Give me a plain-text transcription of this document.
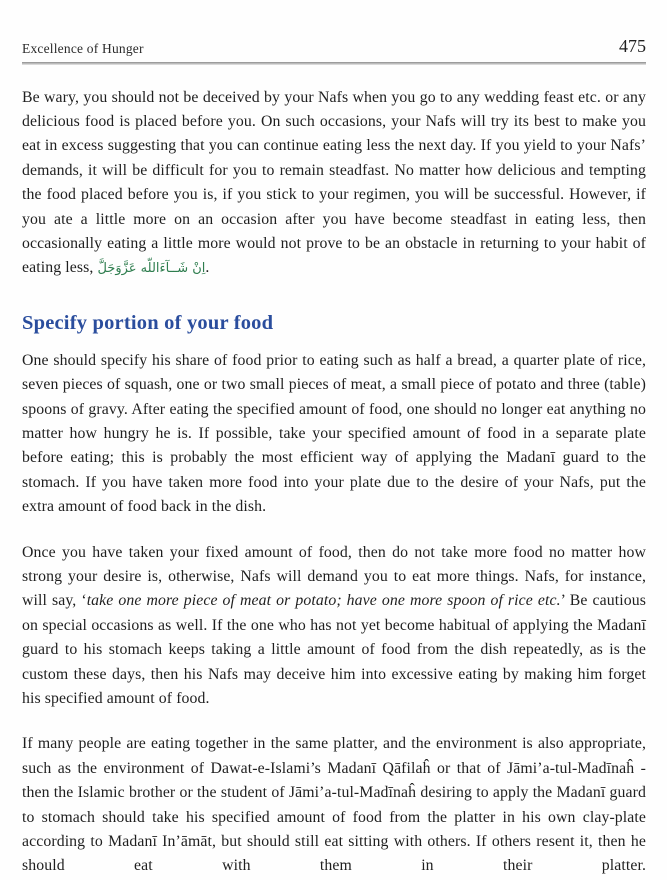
Excellence of Hunger	475

Be wary, you should not be deceived by your Nafs when you go to any wedding feast etc. or any delicious food is placed before you. On such occasions, your Nafs will try its best to make you eat in excess suggesting that you can continue eating less the next day. If you yield to your Nafs’ demands, it will be difficult for you to remain steadfast. No matter how delicious and tempting the food placed before you is, if you stick to your regimen, you will be successful. However, if you ate a little more on an occasion after you have become steadfast in eating less, then occasionally eating a little more would not prove to be an obstacle in returning to your habit of eating less, اِنْ شَــآءَاللّه عَزَّوَجَلَّ.

Specify portion of your food

One should specify his share of food prior to eating such as half a bread, a quarter plate of rice, seven pieces of squash, one or two small pieces of meat, a small piece of potato and three (table) spoons of gravy. After eating the specified amount of food, one should no longer eat anything no matter how hungry he is. If possible, take your specified amount of food in a separate plate before eating; this is probably the most efficient way of applying the Madanī guard to the stomach. If you have taken more food into your plate due to the desire of your Nafs, put the extra amount of food back in the dish.

Once you have taken your fixed amount of food, then do not take more food no matter how strong your desire is, otherwise, Nafs will demand you to eat more things. Nafs, for instance, will say, ‘take one more piece of meat or potato; have one more spoon of rice etc.’ Be cautious on special occasions as well. If the one who has not yet become habitual of applying the Madanī guard to his stomach keeps taking a little amount of food from the dish repeatedly, as is the custom these days, then his Nafs may deceive him into excessive eating by making him forget his specified amount of food.

If many people are eating together in the same platter, and the environment is also appropriate, such as the environment of Dawat-e-Islami’s Madanī Qāfilaĥ or that of Jāmi’a-tul-Madīnaĥ - then the Islamic brother or the student of Jāmi’a-tul-Madīnaĥ desiring to apply the Madanī guard to stomach should take his specified amount of food from the platter in his own clay-plate according to Madanī In’āmāt, but should still eat sitting with others. If others resent it, then he should eat with them in their platter.
